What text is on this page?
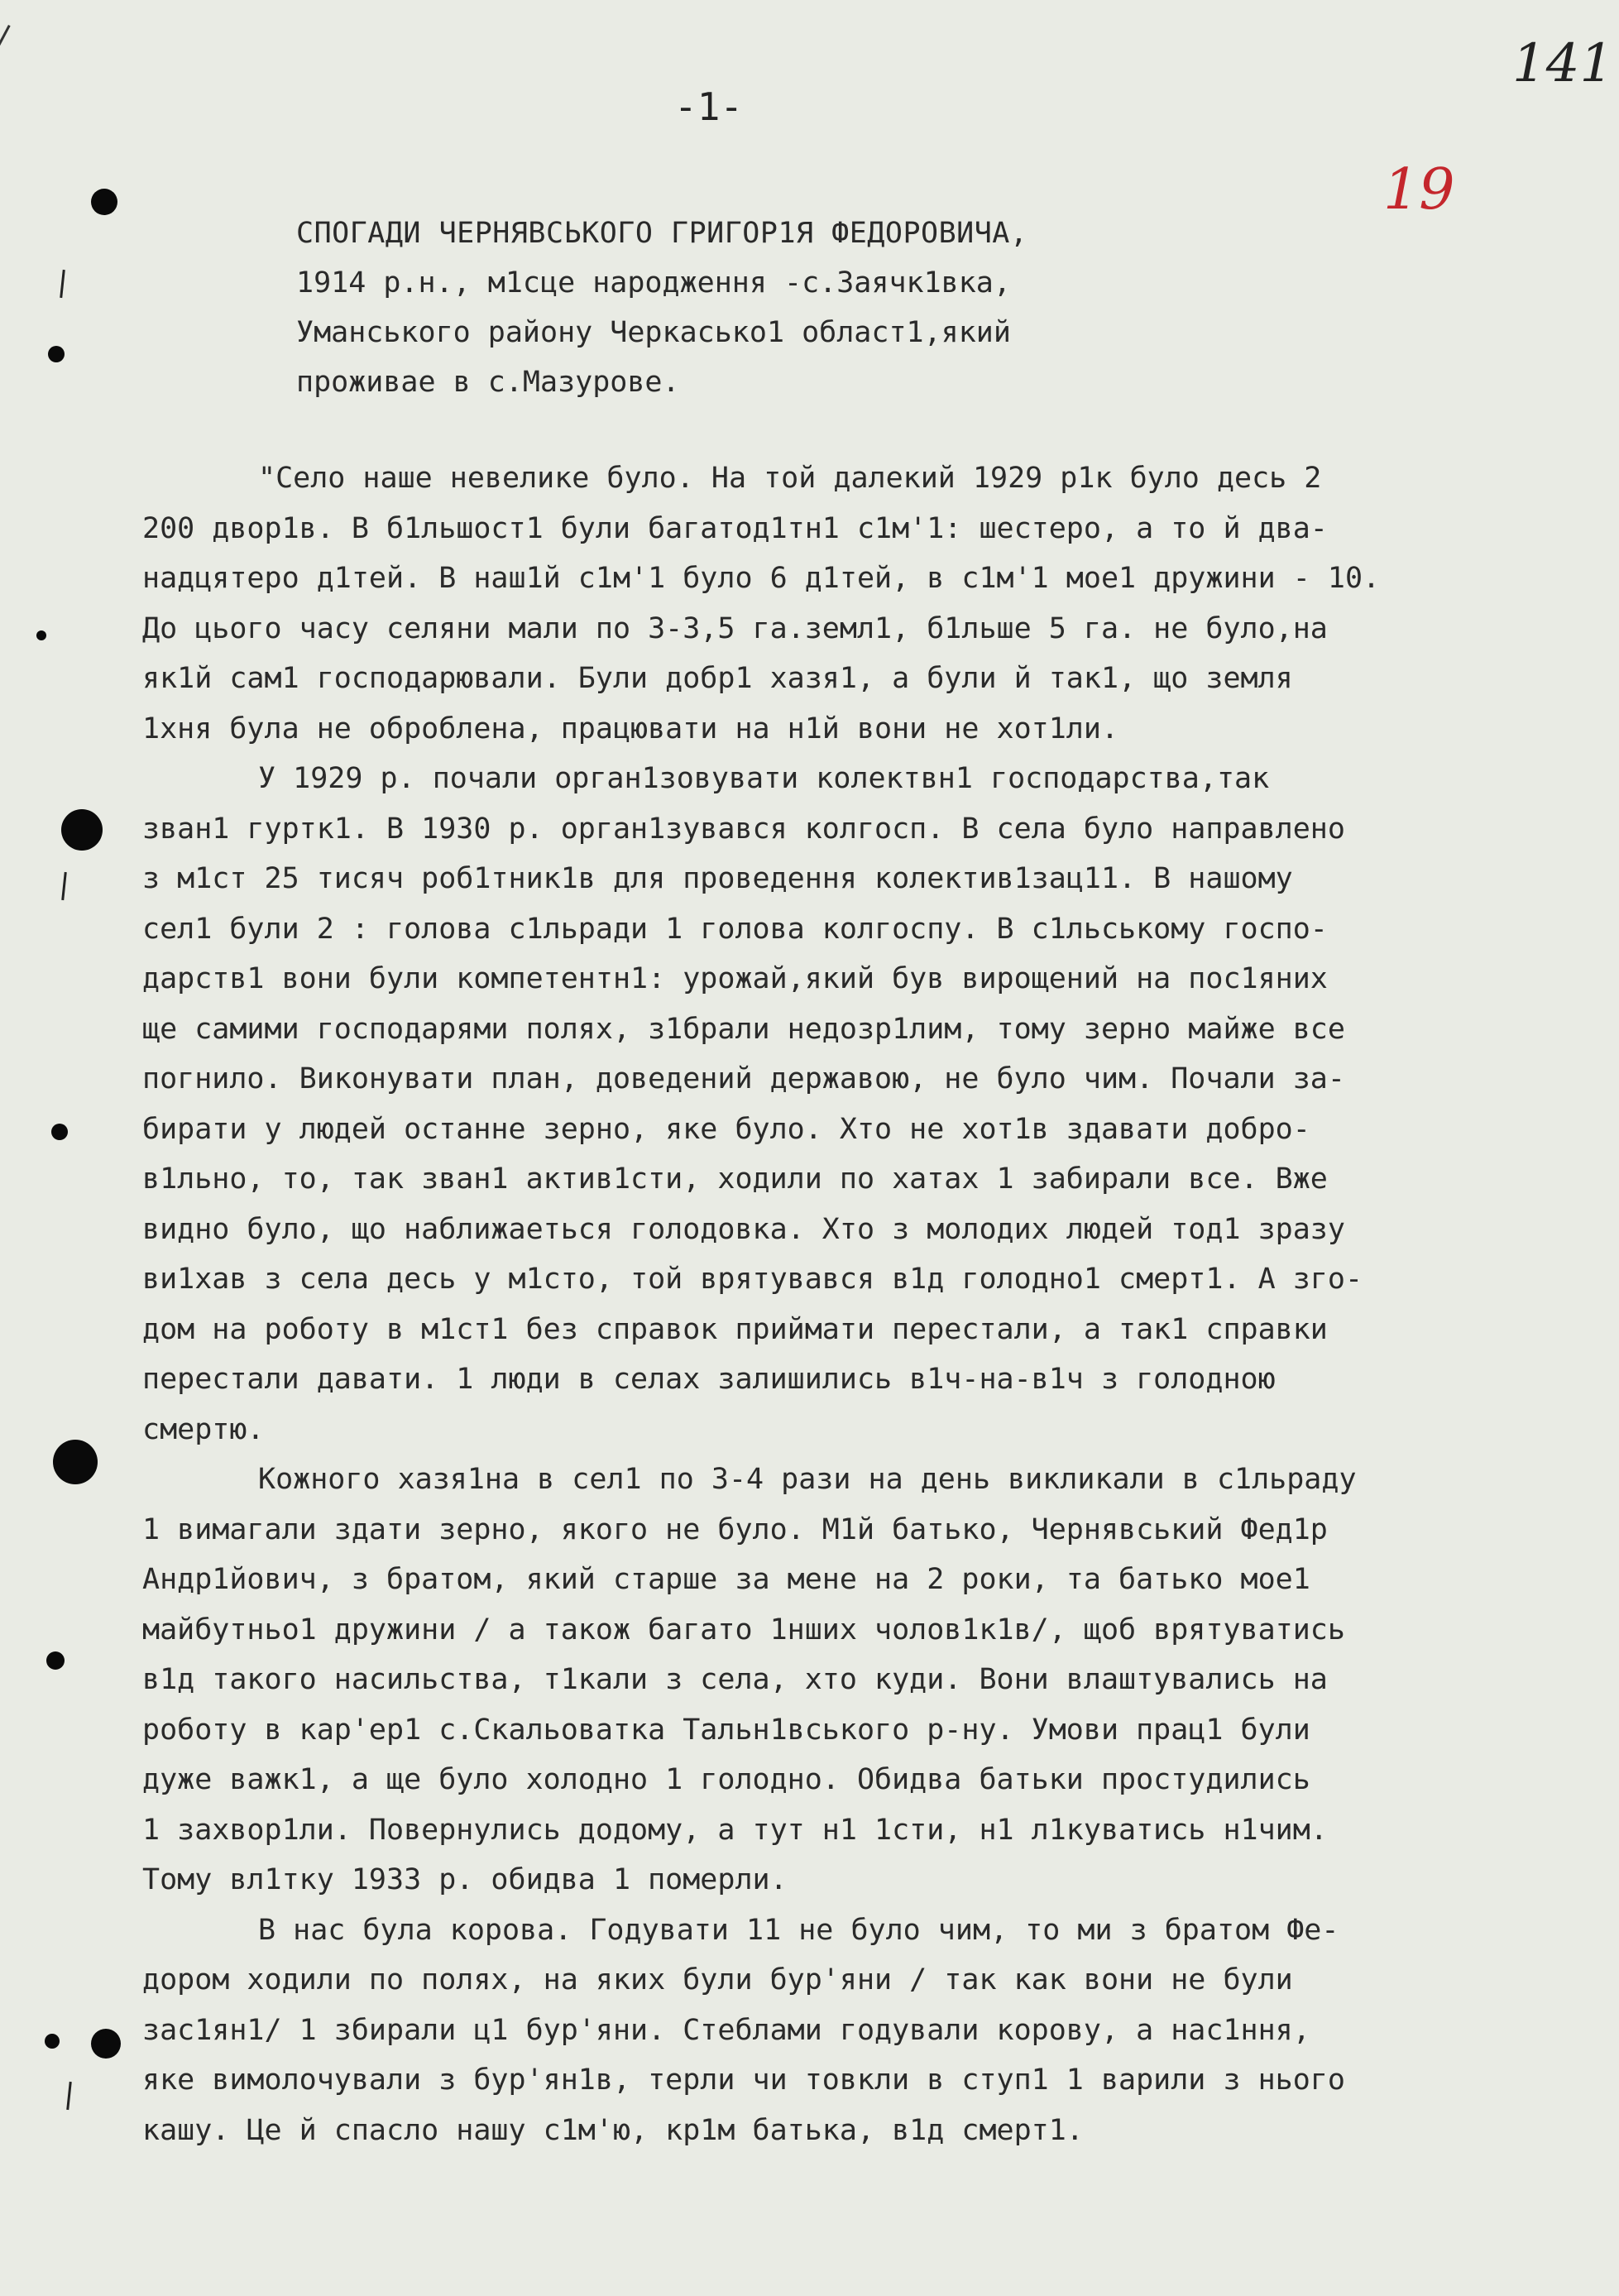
141
19
-1-
СПОГАДИ ЧЕРНЯВСЬКОГО ГРИГОР1Я ФЕДОРОВИЧА,
1914 р.н., м1сце народження -с.Заячк1вка,
Уманського району Черкасько1 област1,який
проживае в с.Мазурове.
"Село наше невелике було. На той далекий 1929 р1к було десь 2
200 двор1в. В б1льшост1 були багатод1тн1 с1м'1: шестеро, а то й два-
надцятеро д1тей. В наш1й с1м'1 було 6 д1тей, в с1м'1 мое1 дружини - 10.
До цього часу селяни мали по 3-3,5 га.земл1, б1льше 5 га. не було,на
як1й сам1 господарювали. Були добр1 хазя1, а були й так1, що земля
1хня була не оброблена, працювати на н1й вони не хот1ли.
У 1929 р. почали орган1зовувати колектвн1 господарства,так
зван1 гуртк1. В 1930 р. орган1зувався колгосп. В села було направлено
з м1ст 25 тисяч роб1тник1в для проведення колектив1зац11. В нашому
сел1 були 2 : голова с1льради 1 голова колгоспу. В с1льському госпо-
дарств1 вони були компетентн1: урожай,який був вирощений на пос1яних
ще самими господарями полях, з1брали недозр1лим, тому зерно майже все
погнило. Виконувати план, доведений державою, не було чим. Почали за-
бирати у людей останне зерно, яке було. Хто не хот1в здавати добро-
в1льно, то, так зван1 актив1сти, ходили по хатах 1 забирали все. Вже
видно було, що наближаеться голодовка. Хто з молодих людей тод1 зразу
ви1хав з села десь у м1сто, той врятувався в1д голодно1 смерт1. А зго-
дом на роботу в м1ст1 без справок приймати перестали, а так1 справки
перестали давати. 1 люди в селах залишились в1ч-на-в1ч з голодною
смертю.
Кожного хазя1на в сел1 по 3-4 рази на день викликали в с1льраду
1 вимагали здати зерно, якого не було. М1й батько, Чернявський Фед1р
Андр1йович, з братом, який старше за мене на 2 роки, та батько мое1
майбутньо1 дружини / а також багато 1нших чолов1к1в/, щоб врятуватись
в1д такого насильства, т1кали з села, хто куди. Вони влаштувались на
роботу в кар'ер1 с.Скальоватка Тальн1вського р-ну. Умови прац1 були
дуже важк1, а ще було холодно 1 голодно. Обидва батьки простудились
1 захвор1ли. Повернулись додому, а тут н1 1сти, н1 л1куватись н1чим.
Тому вл1тку 1933 р. обидва 1 померли.
В нас була корова. Годувати 11 не було чим, то ми з братом Фе-
дором ходили по полях, на яких були бур'яни / так как вони не були
зас1ян1/ 1 збирали ц1 бур'яни. Стеблами годували корову, а нас1ння,
яке вимолочували з бур'ян1в, терли чи товкли в ступ1 1 варили з нього
кашу. Це й спасло нашу с1м'ю, кр1м батька, в1д смерт1.
